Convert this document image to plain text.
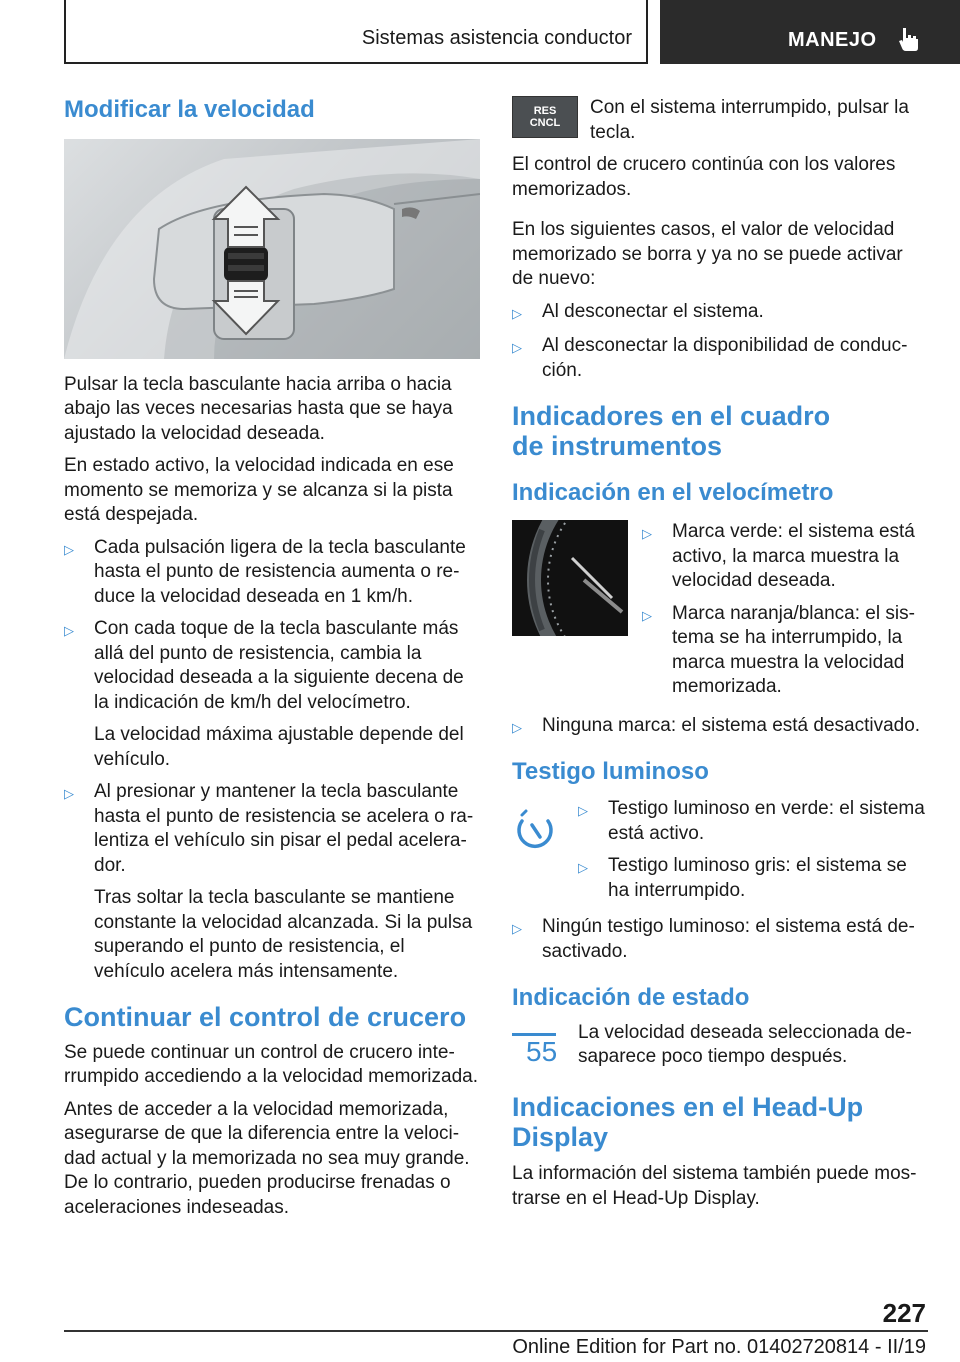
Sistemas asistencia conductor	MANEJO
Modificar la velocidad

Pulsar la tecla basculante hacia arriba o hacia abajo las veces necesarias hasta que se haya ajustado la velocidad deseada.

En estado activo, la velocidad indicada en ese momento se memoriza y se alcanza si la pista está despejada.

▷	Cada pulsación ligera de la tecla basculante hasta el punto de resistencia aumenta o reduce la velocidad deseada en 1 km/h.
▷	Con cada toque de la tecla basculante más allá del punto de resistencia, cambia la velocidad deseada a la siguiente decena de la indicación de km/h del velocímetro.

La velocidad máxima ajustable depende del vehículo.

▷	Al presionar y mantener la tecla basculante hasta el punto de resistencia se acelera o ralentiza el vehículo sin pisar el pedal acelerador.

Tras soltar la tecla basculante se mantiene constante la velocidad alcanzada. Si la pulsa superando el punto de resistencia, el vehículo acelera más intensamente.

Continuar el control de crucero

Se puede continuar un control de crucero interrumpido accediendo a la velocidad memorizada.

Antes de acceder a la velocidad memorizada, asegurarse de que la diferencia entre la velocidad actual y la memorizada no sea muy grande. De lo contrario, pueden producirse frenadas o aceleraciones indeseadas.

RES
CNCL

Con el sistema interrumpido, pulsar la tecla.

El control de crucero continúa con los valores memorizados.

En los siguientes casos, el valor de velocidad memorizado se borra y ya no se puede activar de nuevo:

▷	Al desconectar el sistema.
▷	Al desconectar la disponibilidad de conducción.
Indicadores en el cuadro de instrumentos
Indicación en el velocímetro
▷	Marca verde: el sistema está activo, la marca muestra la velocidad deseada.
▷	Marca naranja/blanca: el sistema se ha interrumpido, la marca muestra la velocidad memorizada.
▷	Ninguna marca: el sistema está desactivado.
Testigo luminoso
▷	Testigo luminoso en verde: el sistema está activo.
▷	Testigo luminoso gris: el sistema se ha interrumpido.
▷	Ningún testigo luminoso: el sistema está desactivado.
Indicación de estado
55

La velocidad deseada seleccionada desaparece poco tiempo después.

Indicaciones en el Head-Up Display

La información del sistema también puede mostrarse en el Head-Up Display.

227
Online Edition for Part no. 01402720814 - II/19
